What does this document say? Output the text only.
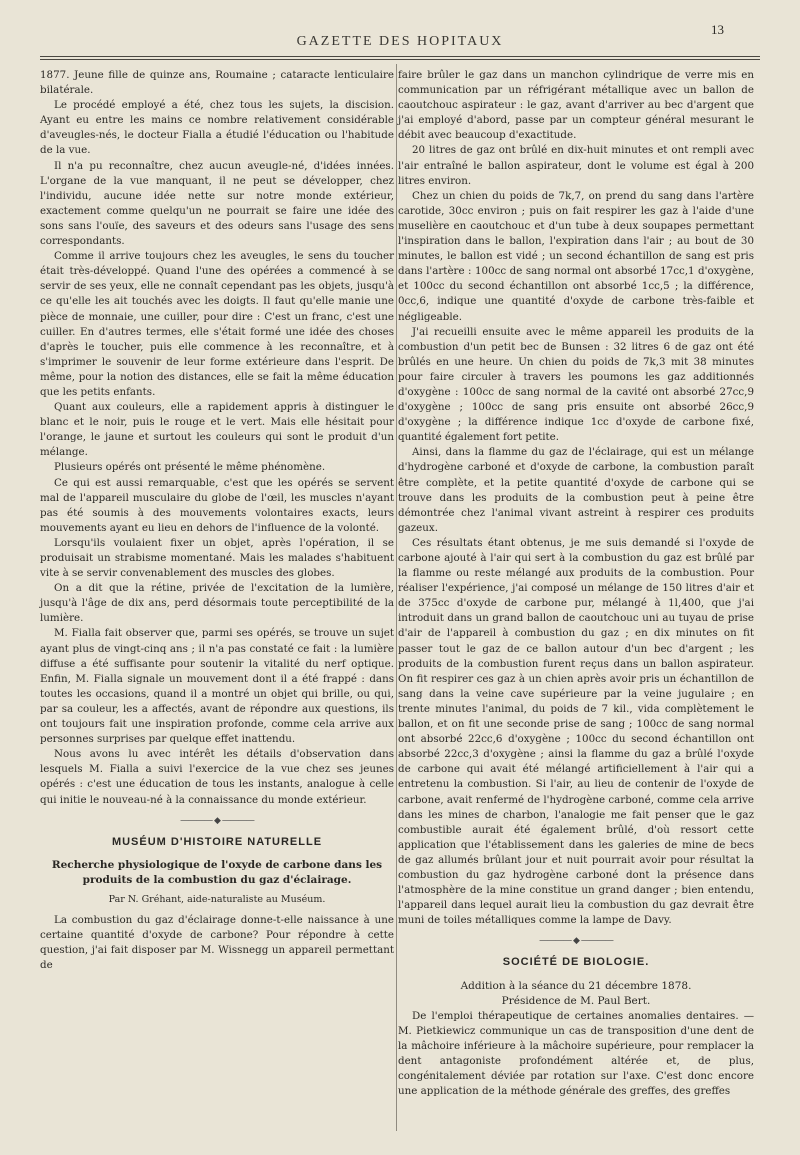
13
GAZETTE DES HOPITAUX

1877. Jeune fille de quinze ans, Roumaine ; cataracte lenticulaire bilatérale.

Le procédé employé a été, chez tous les sujets, la discision. Ayant eu entre les mains ce nombre relativement considérable d'aveugles-nés, le docteur Fialla a étudié l'éducation ou l'habitude de la vue.

Il n'a pu reconnaître, chez aucun aveugle-né, d'idées innées. L'organe de la vue manquant, il ne peut se développer, chez l'individu, aucune idée nette sur notre monde extérieur, exactement comme quelqu'un ne pourrait se faire une idée des sons sans l'ouïe, des saveurs et des odeurs sans l'usage des sens correspondants.

Comme il arrive toujours chez les aveugles, le sens du toucher était très-développé. Quand l'une des opérées a commencé à se servir de ses yeux, elle ne connaît cependant pas les objets, jusqu'à ce qu'elle les ait touchés avec les doigts. Il faut qu'elle manie une pièce de monnaie, une cuiller, pour dire : C'est un franc, c'est une cuiller. En d'autres termes, elle s'était formé une idée des choses d'après le toucher, puis elle commence à les reconnaître, et à s'imprimer le souvenir de leur forme extérieure dans l'esprit. De même, pour la notion des distances, elle se fait la même éducation que les petits enfants.

Quant aux couleurs, elle a rapidement appris à distinguer le blanc et le noir, puis le rouge et le vert. Mais elle hésitait pour l'orange, le jaune et surtout les couleurs qui sont le produit d'un mélange.

Plusieurs opérés ont présenté le même phénomène.

Ce qui est aussi remarquable, c'est que les opérés se servent mal de l'appareil musculaire du globe de l'œil, les muscles n'ayant pas été soumis à des mouvements volontaires exacts, leurs mouvements ayant eu lieu en dehors de l'influence de la volonté.

Lorsqu'ils voulaient fixer un objet, après l'opération, il se produisait un strabisme momentané. Mais les malades s'habituent vite à se servir convenablement des muscles des globes.

On a dit que la rétine, privée de l'excitation de la lumière, jusqu'à l'âge de dix ans, perd désormais toute perceptibilité de la lumière.

M. Fialla fait observer que, parmi ses opérés, se trouve un sujet ayant plus de vingt-cinq ans ; il n'a pas constaté ce fait : la lumière diffuse a été suffisante pour soutenir la vitalité du nerf optique. Enfin, M. Fialla signale un mouvement dont il a été frappé : dans toutes les occasions, quand il a montré un objet qui brille, ou qui, par sa couleur, les a affectés, avant de répondre aux questions, ils ont toujours fait une inspiration profonde, comme cela arrive aux personnes surprises par quelque effet inattendu.

Nous avons lu avec intérêt les détails d'observation dans lesquels M. Fialla a suivi l'exercice de la vue chez ses jeunes opérés : c'est une éducation de tous les instants, analogue à celle qui initie le nouveau-né à la connaissance du monde extérieur.

———— ◆ ————
MUSÉUM D'HISTOIRE NATURELLE
Recherche physiologique de l'oxyde de carbone dans les produits de la combustion du gaz d'éclairage.
Par N. Gréhant, aide-naturaliste au Muséum.

La combustion du gaz d'éclairage donne-t-elle naissance à une certaine quantité d'oxyde de carbone? Pour répondre à cette question, j'ai fait disposer par M. Wissnegg un appareil permettant de

faire brûler le gaz dans un manchon cylindrique de verre mis en communication par un réfrigérant métallique avec un ballon de caoutchouc aspirateur : le gaz, avant d'arriver au bec d'argent que j'ai employé d'abord, passe par un compteur général mesurant le débit avec beaucoup d'exactitude.

20 litres de gaz ont brûlé en dix-huit minutes et ont rempli avec l'air entraîné le ballon aspirateur, dont le volume est égal à 200 litres environ.

Chez un chien du poids de 7k,7, on prend du sang dans l'artère carotide, 30cc environ ; puis on fait respirer les gaz à l'aide d'une muselière en caoutchouc et d'un tube à deux soupapes permettant l'inspiration dans le ballon, l'expiration dans l'air ; au bout de 30 minutes, le ballon est vidé ; un second échantillon de sang est pris dans l'artère : 100cc de sang normal ont absorbé 17cc,1 d'oxygène, et 100cc du second échantillon ont absorbé 1cc,5 ; la différence, 0cc,6, indique une quantité d'oxyde de carbone très-faible et négligeable.

J'ai recueilli ensuite avec le même appareil les produits de la combustion d'un petit bec de Bunsen : 32 litres 6 de gaz ont été brûlés en une heure. Un chien du poids de 7k,3 mit 38 minutes pour faire circuler à travers les poumons les gaz additionnés d'oxygène : 100cc de sang normal de la cavité ont absorbé 27cc,9 d'oxygène ; 100cc de sang pris ensuite ont absorbé 26cc,9 d'oxygène ; la différence indique 1cc d'oxyde de carbone fixé, quantité également fort petite.

Ainsi, dans la flamme du gaz de l'éclairage, qui est un mélange d'hydrogène carboné et d'oxyde de carbone, la combustion paraît être complète, et la petite quantité d'oxyde de carbone qui se trouve dans les produits de la combustion peut à peine être démontrée chez l'animal vivant astreint à respirer ces produits gazeux.

Ces résultats étant obtenus, je me suis demandé si l'oxyde de carbone ajouté à l'air qui sert à la combustion du gaz est brûlé par la flamme ou reste mélangé aux produits de la combustion. Pour réaliser l'expérience, j'ai composé un mélange de 150 litres d'air et de 375cc d'oxyde de carbone pur, mélangé à 1l,400, que j'ai introduit dans un grand ballon de caoutchouc uni au tuyau de prise d'air de l'appareil à combustion du gaz ; en dix minutes on fit passer tout le gaz de ce ballon autour d'un bec d'argent ; les produits de la combustion furent reçus dans un ballon aspirateur. On fit respirer ces gaz à un chien après avoir pris un échantillon de sang dans la veine cave supérieure par la veine jugulaire ; en trente minutes l'animal, du poids de 7 kil., vida complètement le ballon, et on fit une seconde prise de sang ; 100cc de sang normal ont absorbé 22cc,6 d'oxygène ; 100cc du second échantillon ont absorbé 22cc,3 d'oxygène ; ainsi la flamme du gaz a brûlé l'oxyde de carbone qui avait été mélangé artificiellement à l'air qui a entretenu la combustion. Si l'air, au lieu de contenir de l'oxyde de carbone, avait renfermé de l'hydrogène carboné, comme cela arrive dans les mines de charbon, l'analogie me fait penser que le gaz combustible aurait été également brûlé, d'où ressort cette application que l'établissement dans les galeries de mine de becs de gaz allumés brûlant jour et nuit pourrait avoir pour résultat la combustion du gaz hydrogène carboné dont la présence dans l'atmosphère de la mine constitue un grand danger ; bien entendu, l'appareil dans lequel aurait lieu la combustion du gaz devrait être muni de toiles métalliques comme la lampe de Davy.

———— ◆ ————
SOCIÉTÉ DE BIOLOGIE.
Addition à la séance du 21 décembre 1878.
Présidence de M. Paul Bert.

De l'emploi thérapeutique de certaines anomalies dentaires. — M. Pietkiewicz communique un cas de transposition d'une dent de la mâchoire inférieure à la mâchoire supérieure, pour remplacer la dent antagoniste profondément altérée et, de plus, congénitalement déviée par rotation sur l'axe. C'est donc encore une application de la méthode générale des greffes, des greffes
